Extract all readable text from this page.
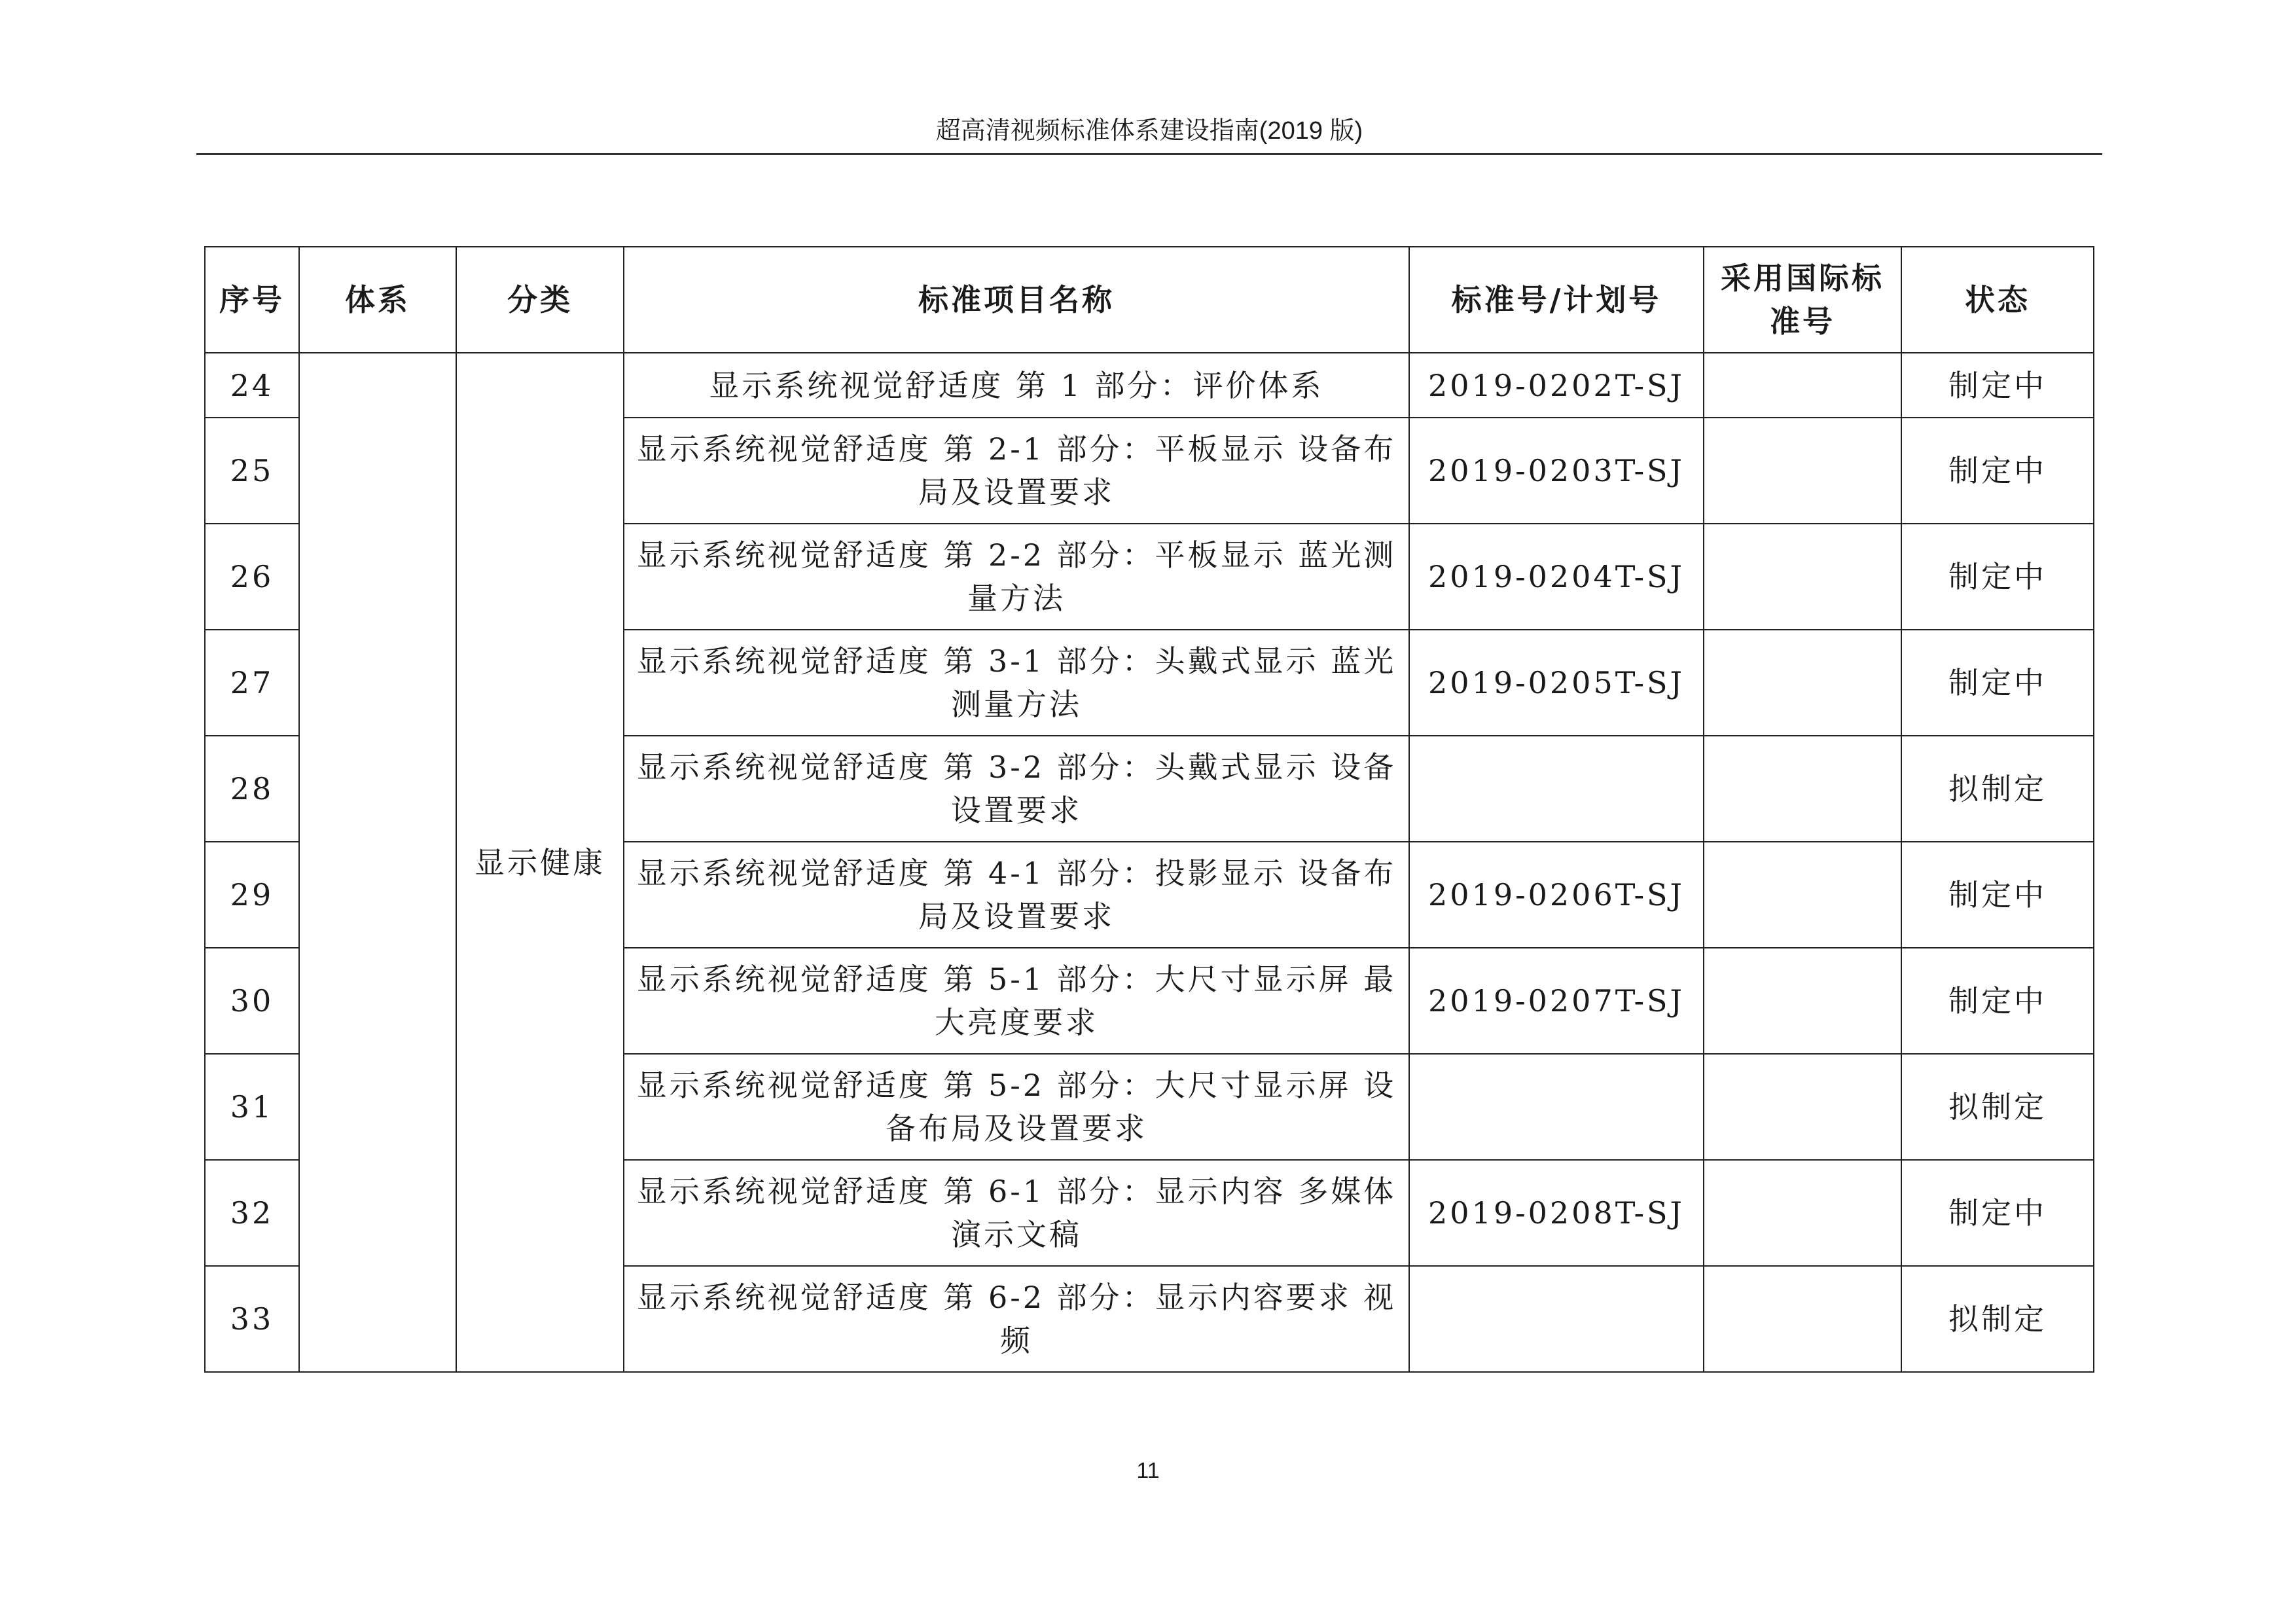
超高清视频标准体系建设指南(2019 版)
序号	体系	分类	标准项目名称	标准号/计划号	采用国际标准号	状态
24		显示健康	显示系统视觉舒适度 第 1 部分：评价体系	2019-0202T-SJ		制定中
25			显示系统视觉舒适度 第 2-1 部分：平板显示 设备布局及设置要求	2019-0203T-SJ		制定中
26			显示系统视觉舒适度 第 2-2 部分：平板显示 蓝光测量方法	2019-0204T-SJ		制定中
27			显示系统视觉舒适度 第 3-1 部分：头戴式显示 蓝光测量方法	2019-0205T-SJ		制定中
28			显示系统视觉舒适度 第 3-2 部分：头戴式显示 设备设置要求			拟制定
29			显示系统视觉舒适度 第 4-1 部分：投影显示 设备布局及设置要求	2019-0206T-SJ		制定中
30			显示系统视觉舒适度 第 5-1 部分：大尺寸显示屏 最大亮度要求	2019-0207T-SJ		制定中
31			显示系统视觉舒适度 第 5-2 部分：大尺寸显示屏 设备布局及设置要求			拟制定
32			显示系统视觉舒适度 第 6-1 部分：显示内容 多媒体演示文稿	2019-0208T-SJ		制定中
33			显示系统视觉舒适度 第 6-2 部分：显示内容要求 视频			拟制定
11
